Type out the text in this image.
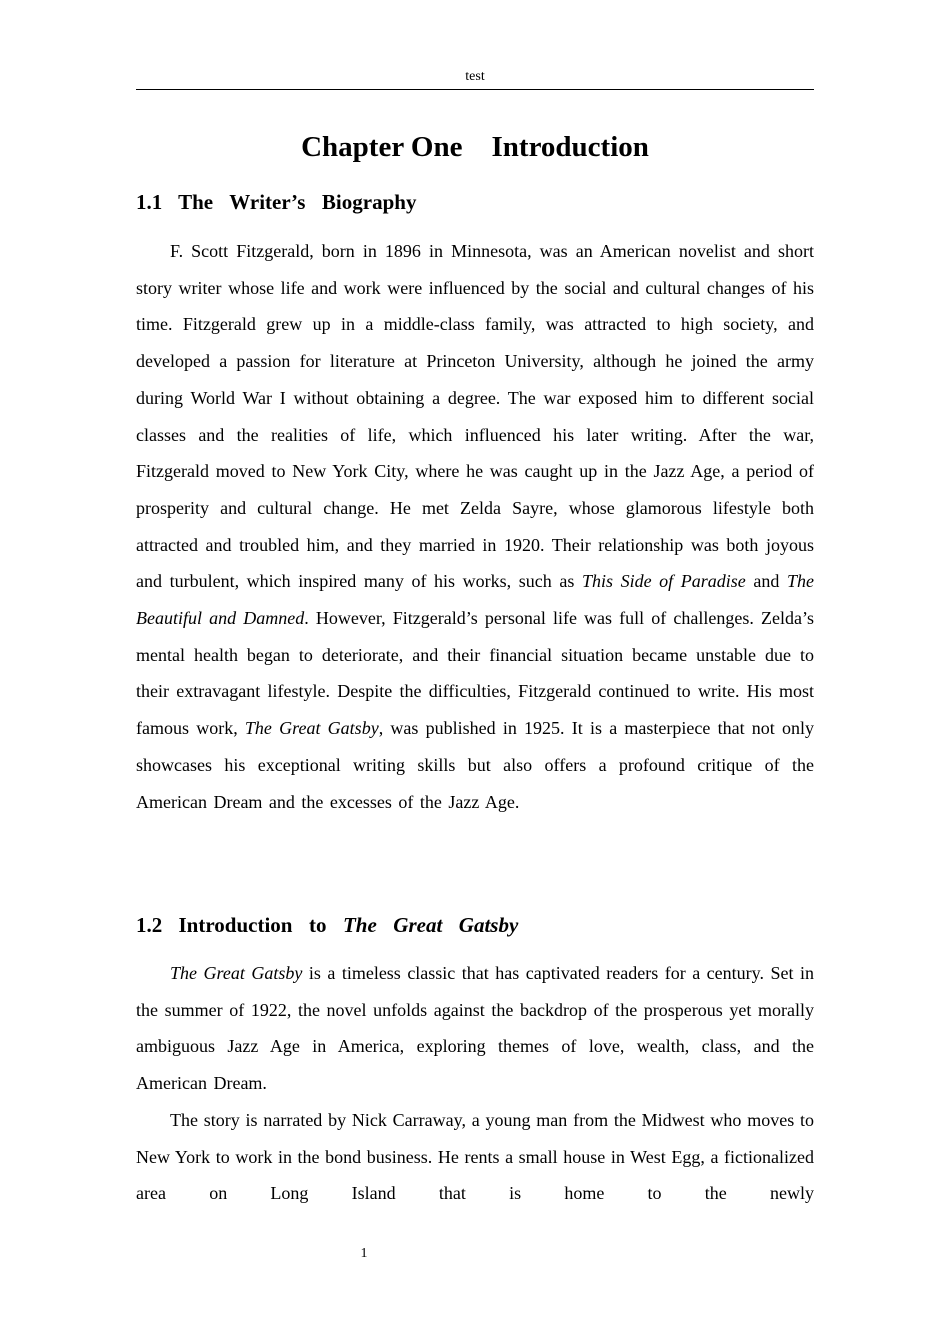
test
Chapter One    Introduction
1.1 The  Writer’s  Biography

F. Scott Fitzgerald, born in 1896 in Minnesota, was an American novelist and short story writer whose life and work were influenced by the social and cultural changes of his time. Fitzgerald grew up in a middle-class family, was attracted to high society, and developed a passion for literature at Princeton University, although he joined the army during World War I without obtaining a degree. The war exposed him to different social classes and the realities of life, which influenced his later writing. After the war, Fitzgerald moved to New York City, where he was caught up in the Jazz Age, a period of prosperity and cultural change. He met Zelda Sayre, whose glamorous lifestyle both attracted and troubled him, and they married in 1920. Their relationship was both joyous and turbulent, which inspired many of his works, such as This Side of Paradise and The Beautiful and Damned. However, Fitzgerald’s personal life was full of challenges. Zelda’s mental health began to deteriorate, and their financial situation became unstable due to their extravagant lifestyle. Despite the difficulties, Fitzgerald continued to write. His most famous work, The Great Gatsby, was published in 1925. It is a masterpiece that not only showcases his exceptional writing skills but also offers a profound critique of the American Dream and the excesses of the Jazz Age.

1.2 Introduction  to  The  Great  Gatsby

The Great Gatsby is a timeless classic that has captivated readers for a century. Set in the summer of 1922, the novel unfolds against the backdrop of the prosperous yet morally ambiguous Jazz Age in America, exploring themes of love, wealth, class, and the American Dream.

The story is narrated by Nick Carraway, a young man from the Midwest who moves to New York to work in the bond business. He rents a small house in West Egg, a fictionalized area on Long Island that is home to the newly

1
